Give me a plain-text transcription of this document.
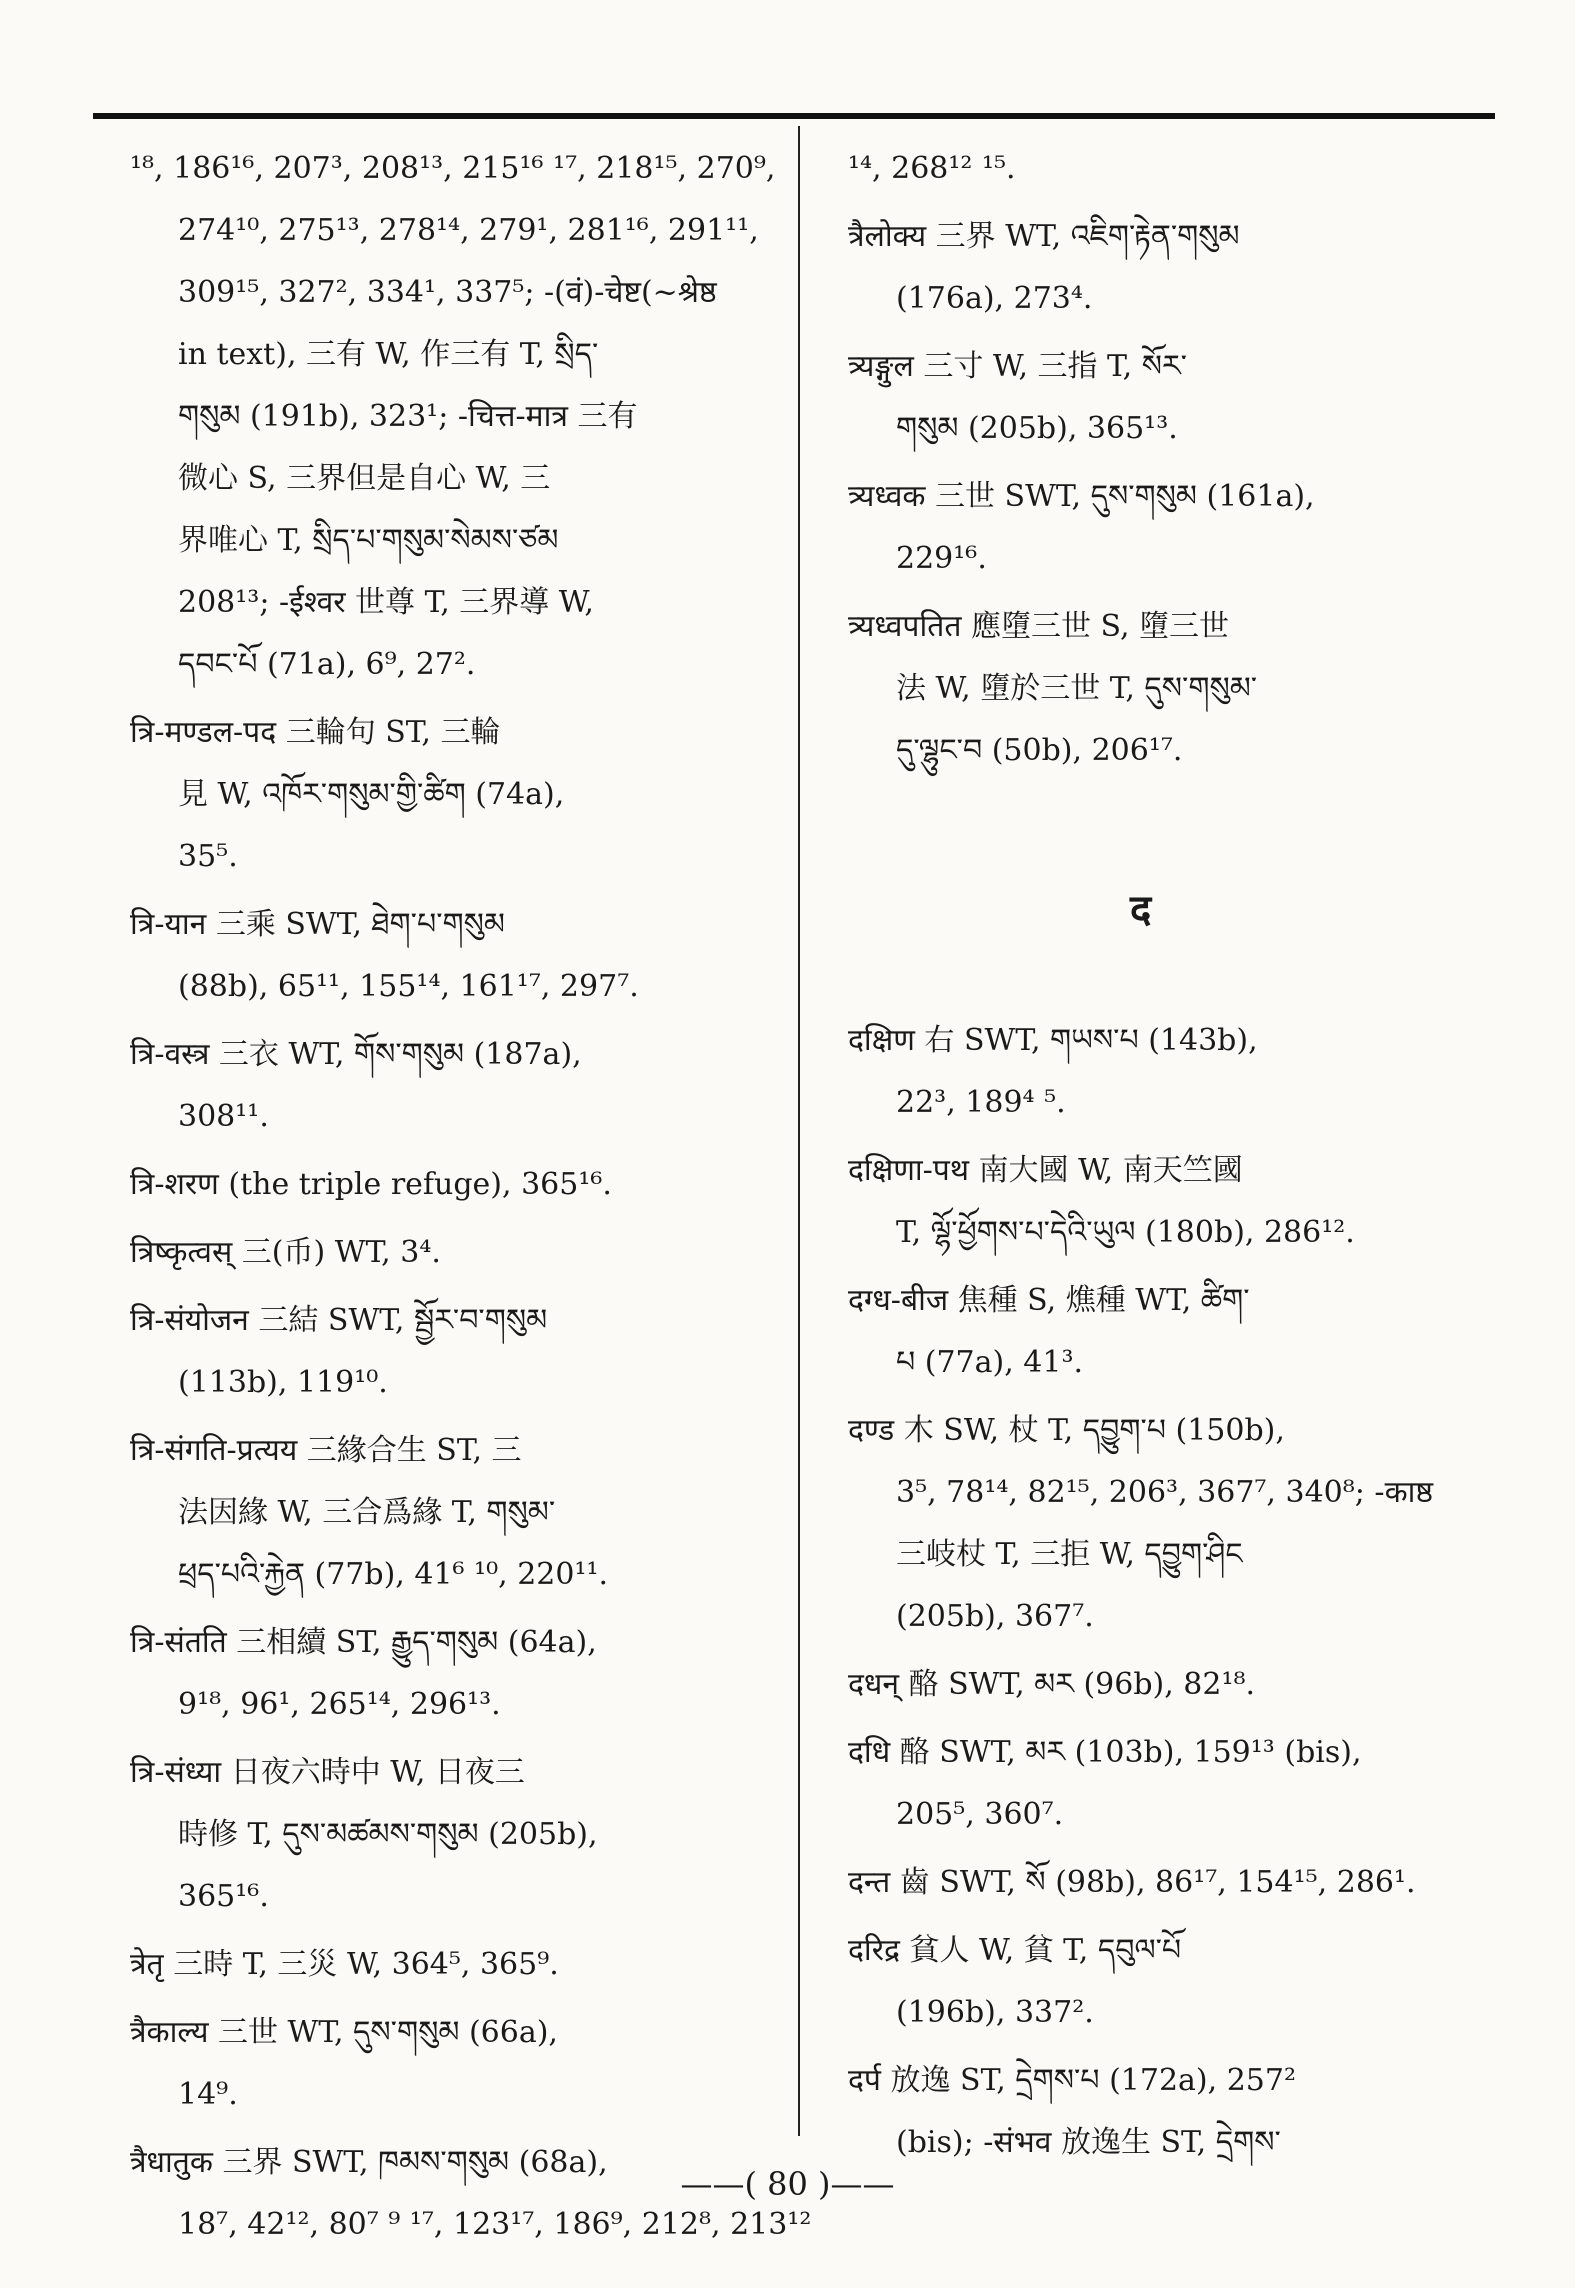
¹⁸, 186¹⁶, 207³, 208¹³, 215¹⁶ ¹⁷, 218¹⁵, 270⁹,
274¹⁰, 275¹³, 278¹⁴, 279¹, 281¹⁶, 291¹¹,
309¹⁵, 327², 334¹, 337⁵; -(वं)-चेष्ट(~श्रेष्ठ
in text), 三有 W, 作三有 T, སྲིད་
གསུམ (191b), 323¹; -चित्त-मात्र 三有
微心 S, 三界但是自心 W, 三
界唯心 T, སྲིད་པ་གསུམ་སེམས་ཙམ
208¹³; -ईश्वर 世尊 T, 三界導 W,
དབང་པོ (71a), 6⁹, 27².
त्रि-मण्डल-पद 三輪句 ST, 三輪
見 W, འཁོར་གསུམ་གྱི་ཚིག (74a),
35⁵.
त्रि-यान 三乘 SWT, ཐེག་པ་གསུམ
(88b), 65¹¹, 155¹⁴, 161¹⁷, 297⁷.
त्रि-वस्त्र 三衣 WT, གོས་གསུམ (187a),
308¹¹.
त्रि-शरण (the triple refuge), 365¹⁶.
त्रिष्कृत्वस् 三(币) WT, 3⁴.
त्रि-संयोजन 三結 SWT, སྦྱོར་བ་གསུམ
(113b), 119¹⁰.
त्रि-संगति-प्रत्यय 三緣合生 ST, 三
法因緣 W, 三合爲緣 T, གསུམ་
ཕྲད་པའི་རྐྱེན (77b), 41⁶ ¹⁰, 220¹¹.
त्रि-संतति 三相續 ST, རྒྱུད་གསུམ (64a),
9¹⁸, 96¹, 265¹⁴, 296¹³.
त्रि-संध्या 日夜六時中 W, 日夜三
時修 T, དུས་མཚམས་གསུམ (205b),
365¹⁶.
त्रेतृ 三時 T, 三災 W, 364⁵, 365⁹.
त्रैकाल्य 三世 WT, དུས་གསུམ (66a),
14⁹.
त्रैधातुक 三界 SWT, ཁམས་གསུམ (68a),
18⁷, 42¹², 80⁷ ⁹ ¹⁷, 123¹⁷, 186⁹, 212⁸, 213¹²
¹⁴, 268¹² ¹⁵.
त्रैलोक्य 三界 WT, འཇིག་རྟེན་གསུམ
(176a), 273⁴.
त्र्यङ्गुल 三寸 W, 三指 T, སོར་
གསུམ (205b), 365¹³.
त्र्यध्वक 三世 SWT, དུས་གསུམ (161a),
229¹⁶.
त्र्यध्वपतित 應墮三世 S, 墮三世
法 W, 墮於三世 T, དུས་གསུམ་
དུ་ལྷུང་བ (50b), 206¹⁷.
द
दक्षिण 右 SWT, གཡས་པ (143b),
22³, 189⁴ ⁵.
दक्षिणा-पथ 南大國 W, 南天竺國
T, ལྷོ་ཕྱོགས་པ་དེའི་ཡུལ (180b), 286¹².
दग्ध-बीज 焦種 S, 燋種 WT, ཚིག་
པ (77a), 41³.
दण्ड 木 SW, 杖 T, དབྱུག་པ (150b),
3⁵, 78¹⁴, 82¹⁵, 206³, 367⁷, 340⁸; -काष्ठ
三岐杖 T, 三拒 W, དབྱུག་ཤིང
(205b), 367⁷.
दधन् 酪 SWT, མར (96b), 82¹⁸.
दधि 酪 SWT, མར (103b), 159¹³ (bis),
205⁵, 360⁷.
दन्त 齒 SWT, སོ (98b), 86¹⁷, 154¹⁵, 286¹.
दरिद्र 貧人 W, 貧 T, དབུལ་པོ
(196b), 337².
दर्प 放逸 ST, དྲེགས་པ (172a), 257²
(bis); -संभव 放逸生 ST, དྲེགས་
——( 80 )——
